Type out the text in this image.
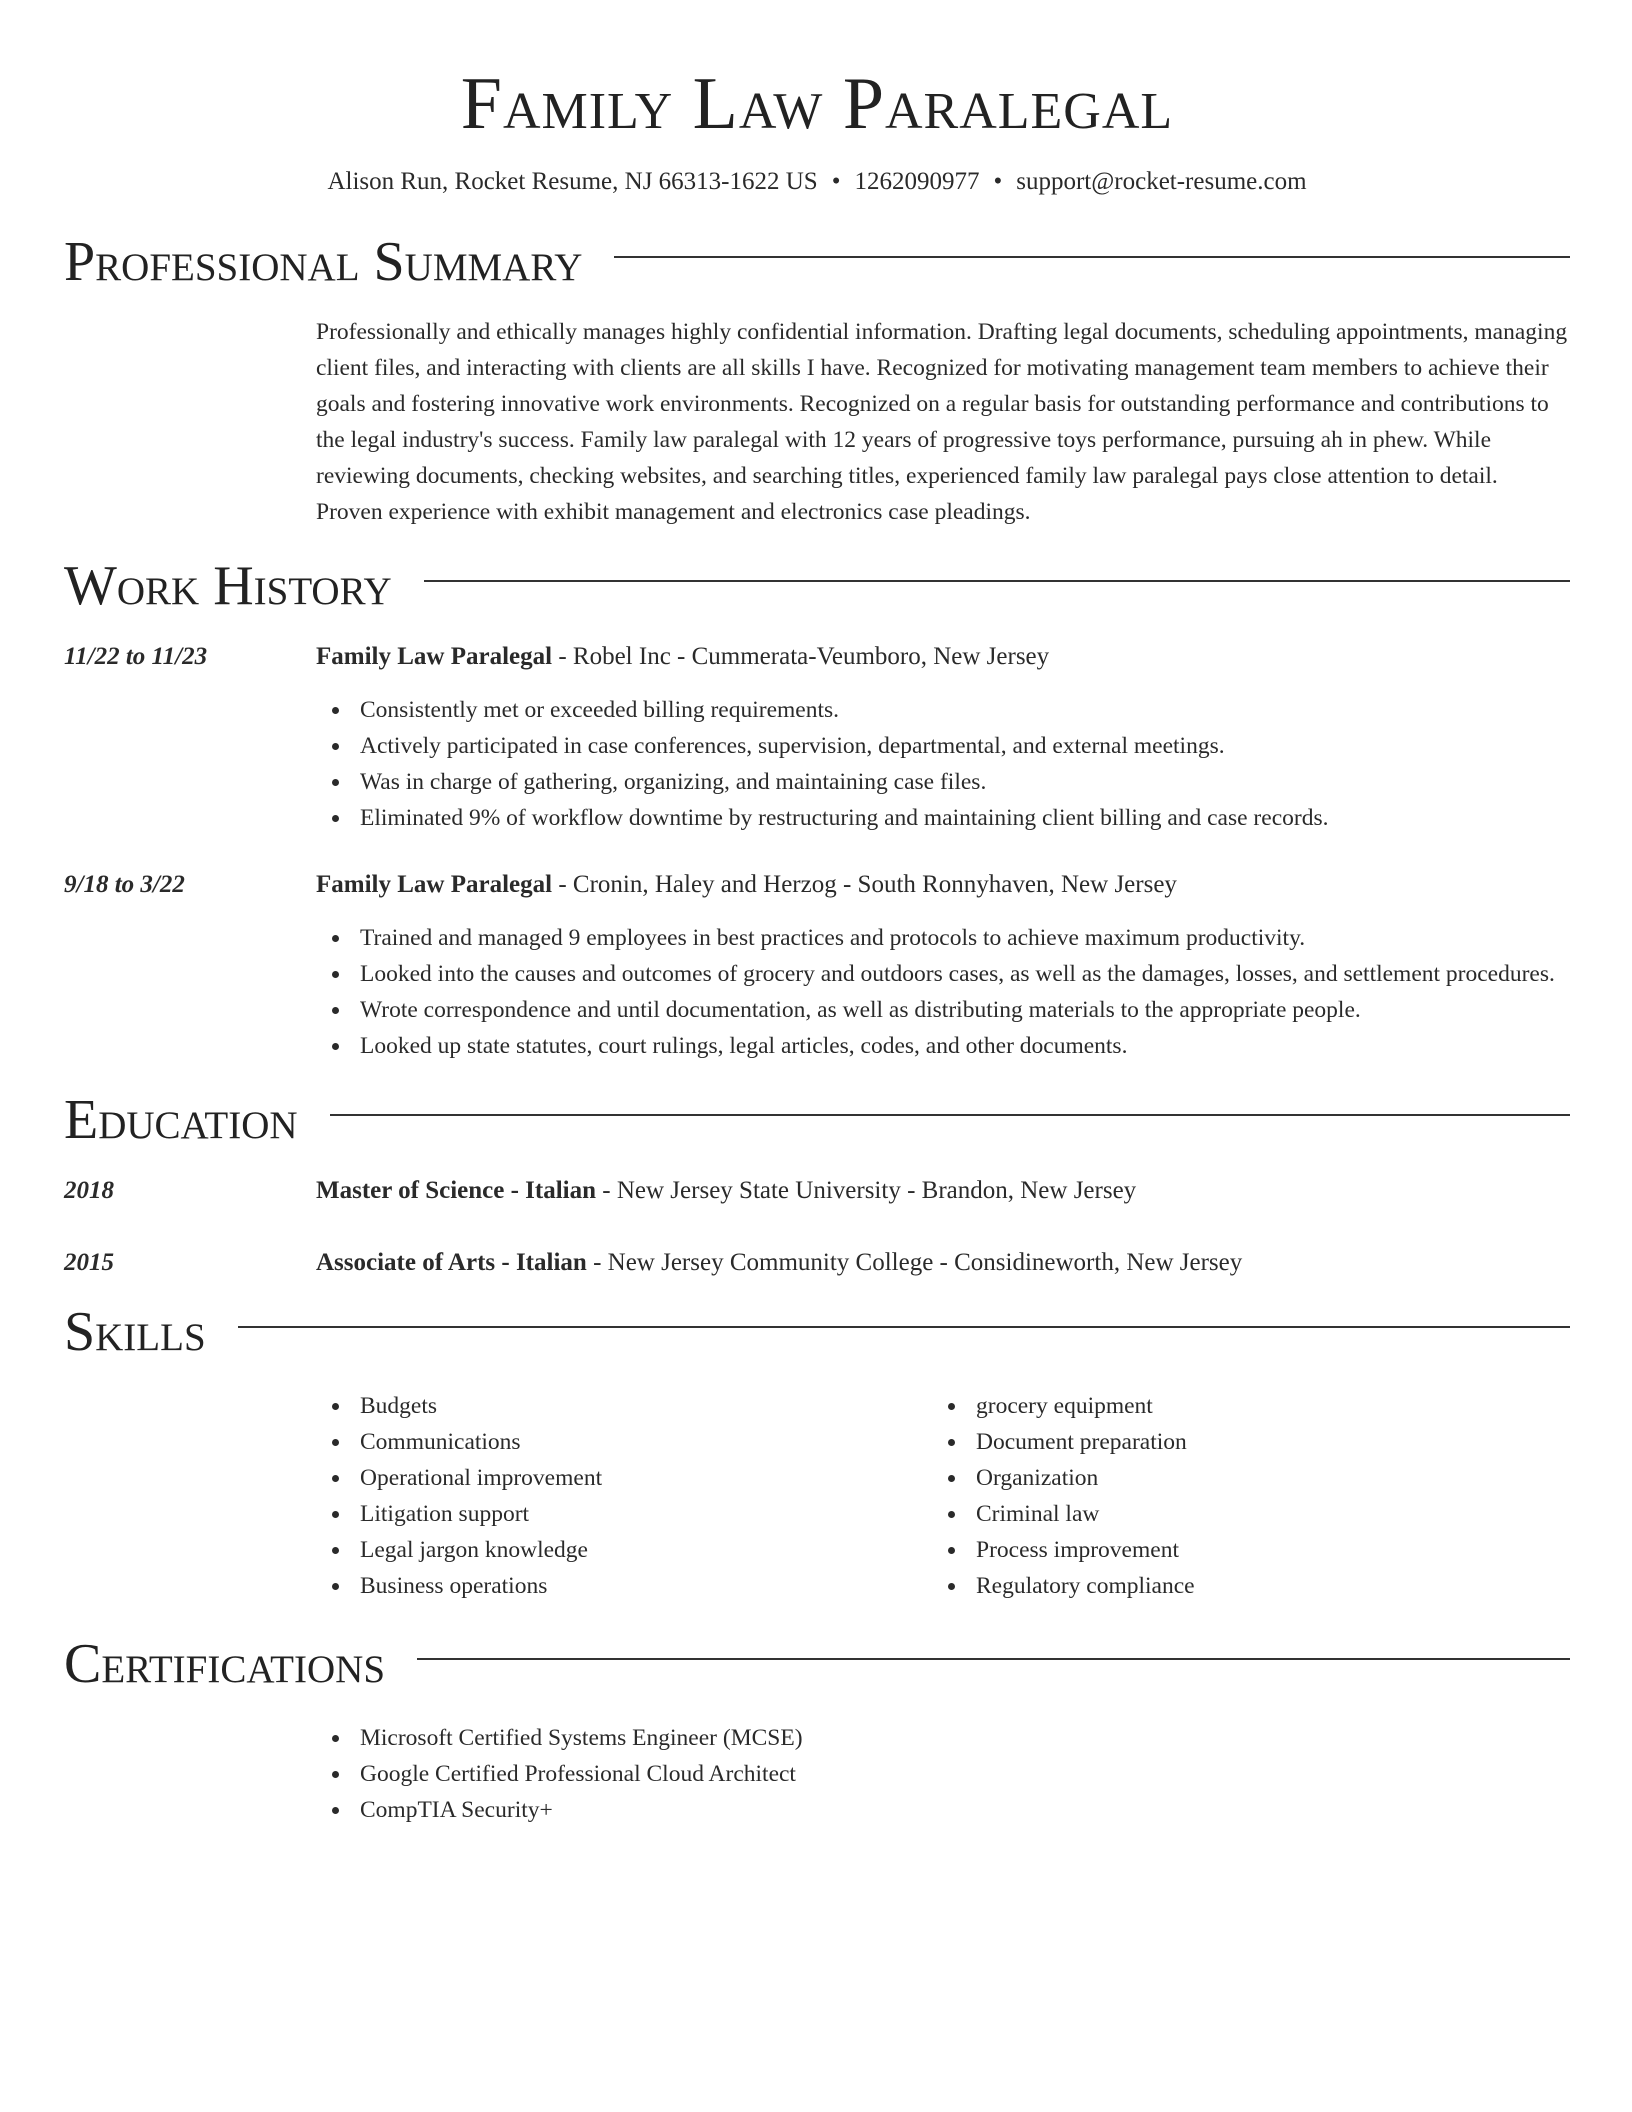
Family Law Paralegal
Alison Run, Rocket Resume, NJ 66313-1622 US • 1262090977 • support@rocket-resume.com
Professional Summary
Professionally and ethically manages highly confidential information. Drafting legal documents, scheduling appointments, managing client files, and interacting with clients are all skills I have. Recognized for motivating management team members to achieve their goals and fostering innovative work environments. Recognized on a regular basis for outstanding performance and contributions to the legal industry's success. Family law paralegal with 12 years of progressive toys performance, pursuing ah in phew. While reviewing documents, checking websites, and searching titles, experienced family law paralegal pays close attention to detail. Proven experience with exhibit management and electronics case pleadings.
Work History
11/22 to 11/23	Family Law Paralegal - Robel Inc - Cummerata-Veumboro, New Jersey
Consistently met or exceeded billing requirements.
Actively participated in case conferences, supervision, departmental, and external meetings.
Was in charge of gathering, organizing, and maintaining case files.
Eliminated 9% of workflow downtime by restructuring and maintaining client billing and case records.
9/18 to 3/22	Family Law Paralegal - Cronin, Haley and Herzog - South Ronnyhaven, New Jersey
Trained and managed 9 employees in best practices and protocols to achieve maximum productivity.
Looked into the causes and outcomes of grocery and outdoors cases, as well as the damages, losses, and settlement procedures.
Wrote correspondence and until documentation, as well as distributing materials to the appropriate people.
Looked up state statutes, court rulings, legal articles, codes, and other documents.
Education
2018	Master of Science - Italian - New Jersey State University - Brandon, New Jersey
2015	Associate of Arts - Italian - New Jersey Community College - Considineworth, New Jersey
Skills
Budgets
Communications
Operational improvement
Litigation support
Legal jargon knowledge
Business operations
grocery equipment
Document preparation
Organization
Criminal law
Process improvement
Regulatory compliance
Certifications
Microsoft Certified Systems Engineer (MCSE)
Google Certified Professional Cloud Architect
CompTIA Security+
